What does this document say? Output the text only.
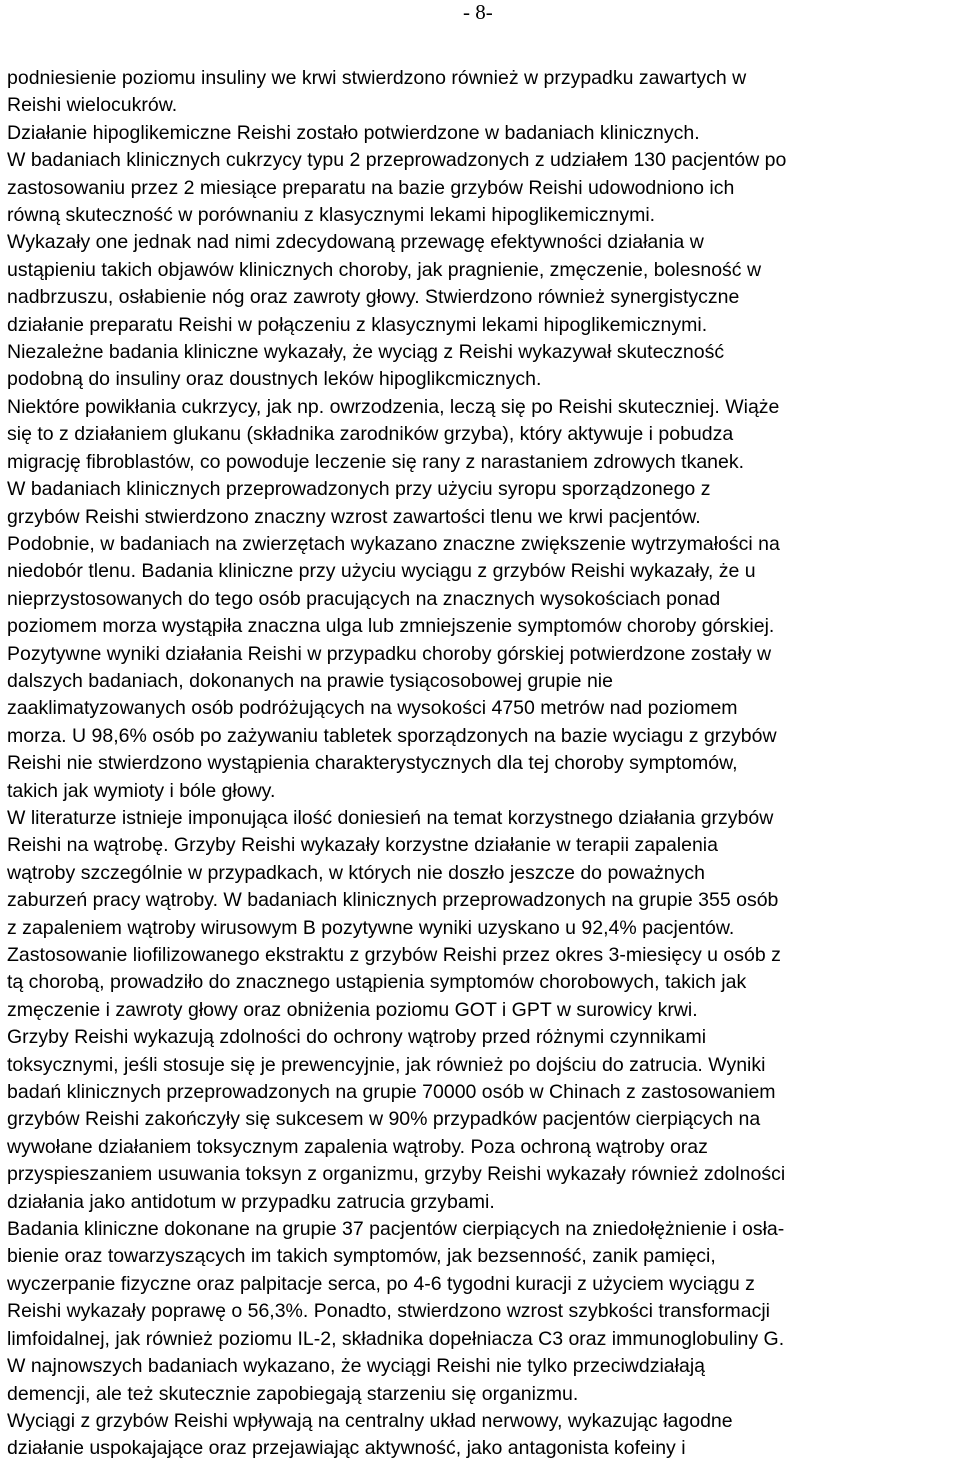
- 8-
podniesienie poziomu insuliny we krwi stwierdzono również w przypadku zawartych w
Reishi wielocukrów.
Działanie hipoglikemiczne Reishi zostało potwierdzone w badaniach klinicznych.
W badaniach klinicznych cukrzycy typu 2 przeprowadzonych z udziałem 130 pacjentów po
zastosowaniu przez 2 miesiące preparatu na bazie grzybów Reishi udowodniono ich
równą skuteczność w porównaniu z klasycznymi lekami hipoglikemicznymi.
Wykazały one jednak nad nimi zdecydowaną przewagę efektywności działania w
ustąpieniu takich objawów klinicznych choroby, jak pragnienie, zmęczenie, bolesność w
nadbrzuszu, osłabienie nóg oraz zawroty głowy. Stwierdzono również synergistyczne
działanie preparatu Reishi w połączeniu z klasycznymi lekami hipoglikemicznymi.
Niezależne badania kliniczne wykazały, że wyciąg z Reishi wykazywał skuteczność
podobną do insuliny oraz doustnych leków hipoglikcmicznych.
Niektóre powikłania cukrzycy, jak np. owrzodzenia, leczą się po Reishi skuteczniej. Wiąże
się to z działaniem glukanu (składnika zarodników grzyba), który aktywuje i pobudza
migrację fibroblastów, co powoduje leczenie się rany z narastaniem zdrowych tkanek.
W badaniach klinicznych przeprowadzonych przy użyciu syropu sporządzonego z
grzybów Reishi stwierdzono znaczny wzrost zawartości tlenu we krwi pacjentów.
Podobnie, w badaniach na zwierzętach wykazano znaczne zwiększenie wytrzymałości na
niedobór tlenu. Badania kliniczne przy użyciu wyciągu z grzybów Reishi wykazały, że u
nieprzystosowanych do tego osób pracujących na znacznych wysokościach ponad
poziomem morza wystąpiła znaczna ulga lub zmniejszenie symptomów choroby górskiej.
Pozytywne wyniki działania Reishi w przypadku choroby górskiej potwierdzone zostały w
dalszych badaniach, dokonanych na prawie tysiącosobowej grupie nie
zaaklimatyzowanych osób podróżujących na wysokości 4750 metrów nad poziomem
morza. U 98,6% osób po zażywaniu tabletek sporządzonych na bazie wyciagu z grzybów
Reishi nie stwierdzono wystąpienia charakterystycznych dla tej choroby symptomów,
takich jak wymioty i bóle głowy.
W literaturze istnieje imponująca ilość doniesień na temat korzystnego działania grzybów
Reishi na wątrobę. Grzyby Reishi wykazały korzystne działanie w terapii zapalenia
wątroby szczególnie w przypadkach, w których nie doszło jeszcze do poważnych
zaburzeń pracy wątroby. W badaniach klinicznych przeprowadzonych na grupie 355 osób
z zapaleniem wątroby wirusowym B pozytywne wyniki uzyskano u 92,4% pacjentów.
Zastosowanie liofilizowanego ekstraktu z grzybów Reishi przez okres 3-miesięcy u osób z
tą chorobą, prowadziło do znacznego ustąpienia symptomów chorobowych, takich jak
zmęczenie i zawroty głowy oraz obniżenia poziomu GOT i GPT w surowicy krwi.
Grzyby Reishi wykazują zdolności do ochrony wątroby przed różnymi czynnikami
toksycznymi, jeśli stosuje się je prewencyjnie, jak również po dojściu do zatrucia. Wyniki
badań klinicznych przeprowadzonych na grupie 70000 osób w Chinach z zastosowaniem
grzybów Reishi zakończyły się sukcesem w 90% przypadków pacjentów cierpiących na
wywołane działaniem toksycznym zapalenia wątroby. Poza ochroną wątroby oraz
przyspieszaniem usuwania toksyn z organizmu, grzyby Reishi wykazały również zdolności
działania jako antidotum w przypadku zatrucia grzybami.
Badania kliniczne dokonane na grupie 37 pacjentów cierpiących na zniedołężnienie i osła-
bienie oraz towarzyszących im takich symptomów, jak bezsenność, zanik pamięci,
wyczerpanie fizyczne oraz palpitacje serca, po 4-6 tygodni kuracji z użyciem wyciągu z
Reishi wykazały poprawę o 56,3%. Ponadto, stwierdzono wzrost szybkości transformacji
limfoidalnej, jak również poziomu IL-2, składnika dopełniacza C3 oraz immunoglobuliny G.
W najnowszych badaniach wykazano, że wyciągi Reishi nie tylko przeciwdziałają
demencji, ale też skutecznie zapobiegają starzeniu się organizmu.
Wyciągi z grzybów Reishi wpływają na centralny układ nerwowy, wykazując łagodne
działanie uspokajające oraz przejawiając aktywność, jako antagonista kofeiny i
